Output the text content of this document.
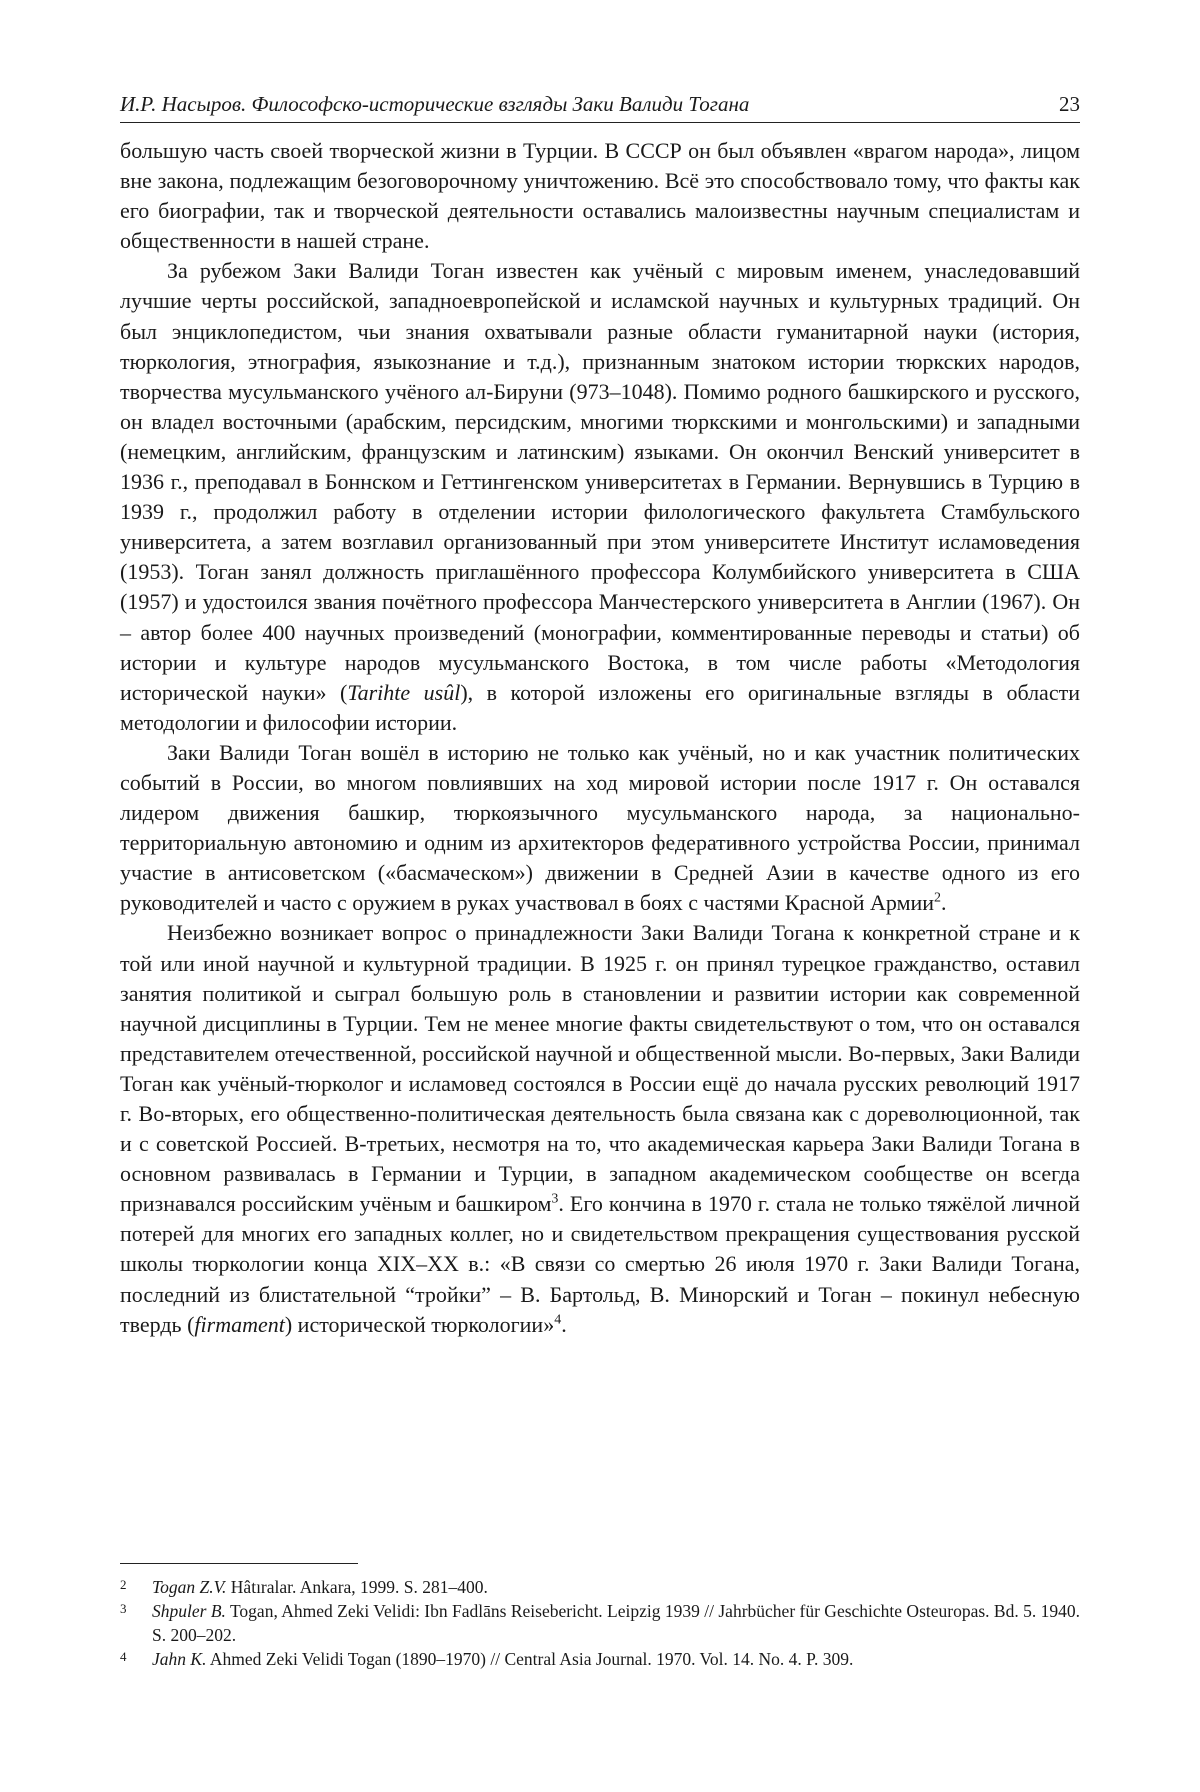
И.Р. Насыров. Философско-исторические взгляды Заки Валиди Тогана	23

большую часть своей творческой жизни в Турции. В СССР он был объявлен «врагом народа», лицом вне закона, подлежащим безоговорочному уничтожению. Всё это способствовало тому, что факты как его биографии, так и творческой деятельности оставались малоизвестны научным специалистам и общественности в нашей стране.

За рубежом Заки Валиди Тоган известен как учёный с мировым именем, унаследовавший лучшие черты российской, западноевропейской и исламской научных и культурных традиций. Он был энциклопедистом, чьи знания охватывали разные области гуманитарной науки (история, тюркология, этнография, языкознание и т.д.), признанным знатоком истории тюркских народов, творчества мусульманского учёного ал-Бируни (973–1048). Помимо родного башкирского и русского, он владел восточными (арабским, персидским, многими тюркскими и монгольскими) и западными (немецким, английским, французским и латинским) языками. Он окончил Венский университет в 1936 г., преподавал в Боннском и Геттингенском университетах в Германии. Вернувшись в Турцию в 1939 г., продолжил работу в отделении истории филологического факультета Стамбульского университета, а затем возглавил организованный при этом университете Институт исламоведения (1953). Тоган занял должность приглашённого профессора Колумбийского университета в США (1957) и удостоился звания почётного профессора Манчестерского университета в Англии (1967). Он – автор более 400 научных произведений (монографии, комментированные переводы и статьи) об истории и культуре народов мусульманского Востока, в том числе работы «Методология исторической науки» (Tarihte usûl), в которой изложены его оригинальные взгляды в области методологии и философии истории.

Заки Валиди Тоган вошёл в историю не только как учёный, но и как участник политических событий в России, во многом повлиявших на ход мировой истории после 1917 г. Он оставался лидером движения башкир, тюркоязычного мусульманского народа, за национально-территориальную автономию и одним из архитекторов федеративного устройства России, принимал участие в антисоветском («басмаческом») движении в Средней Азии в качестве одного из его руководителей и часто с оружием в руках участвовал в боях с частями Красной Армии$^2$.

Неизбежно возникает вопрос о принадлежности Заки Валиди Тогана к конкретной стране и к той или иной научной и культурной традиции. В 1925 г. он принял турецкое гражданство, оставил занятия политикой и сыграл большую роль в становлении и развитии истории как современной научной дисциплины в Турции. Тем не менее многие факты свидетельствуют о том, что он оставался представителем отечественной, российской научной и общественной мысли. Во-первых, Заки Валиди Тоган как учёный-тюрколог и исламовед состоялся в России ещё до начала русских революций 1917 г. Во-вторых, его общественно-политическая деятельность была связана как с дореволюционной, так и с советской Россией. В-третьих, несмотря на то, что академическая карьера Заки Валиди Тогана в основном развивалась в Германии и Турции, в западном академическом сообществе он всегда признавался российским учёным и башкиром$^3$. Его кончина в 1970 г. стала не только тяжёлой личной потерей для многих его западных коллег, но и свидетельством прекращения существования русской школы тюркологии конца XIX–XX в.: «В связи со смертью 26 июля 1970 г. Заки Валиди Тогана, последний из блистательной “тройки” – В. Бартольд, В. Минорский и Тоган – покинул небесную твердь (firmament) исторической тюркологии»$^4$.

2	Togan Z.V. Hâtıralar. Ankara, 1999. S. 281–400.
3	Shpuler B. Togan, Ahmed Zeki Velidi: Ibn Fadlāns Reisebericht. Leipzig 1939 // Jahrbücher für Geschichte Osteuropas. Bd. 5. 1940. S. 200–202.
4	Jahn K. Ahmed Zeki Velidi Togan (1890–1970) // Central Asia Journal. 1970. Vol. 14. No. 4. P. 309.
